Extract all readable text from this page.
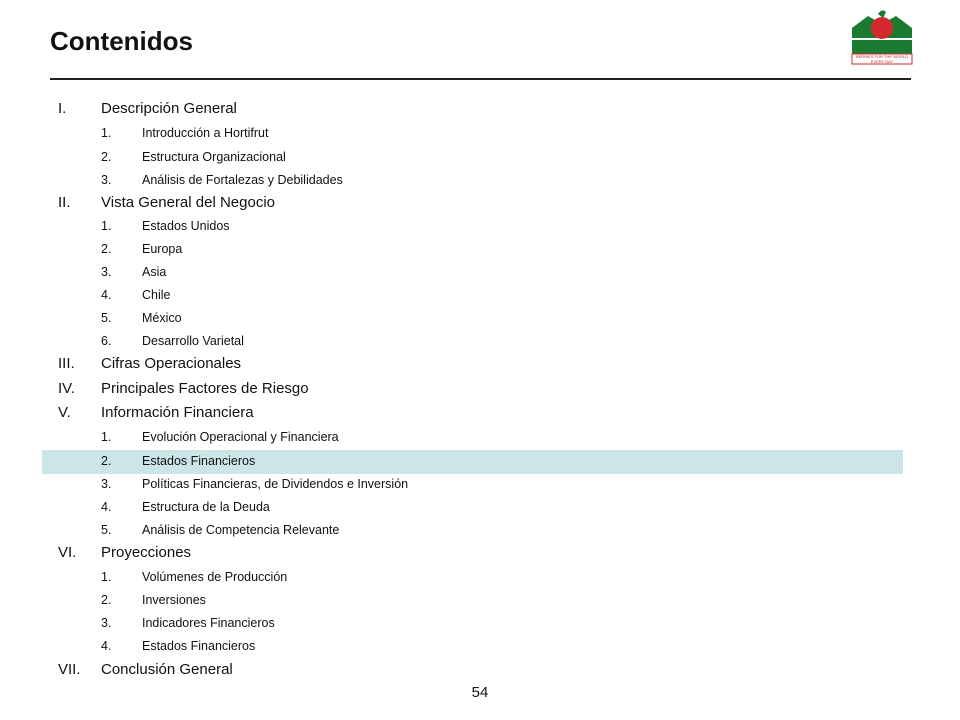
Contenidos	HORTIFRUT
BERRIES FOR THE WORLD EVERY DAY
I. Descripción General
1. Introducción a Hortifrut
2. Estructura Organizacional
3. Análisis de Fortalezas y Debilidades
II. Vista General del Negocio
1. Estados Unidos
2. Europa
3. Asia
4. Chile
5. México
6. Desarrollo Varietal
III. Cifras Operacionales
IV. Principales Factores de Riesgo
V. Información Financiera
1. Evolución Operacional y Financiera
2. Estados Financieros
3. Políticas Financieras, de Dividendos e Inversión
4. Estructura de la Deuda
5. Análisis de Competencia Relevante
VI. Proyecciones
1. Volúmenes de Producción
2. Inversiones
3. Indicadores Financieros
4. Estados Financieros
VII. Conclusión General
54
